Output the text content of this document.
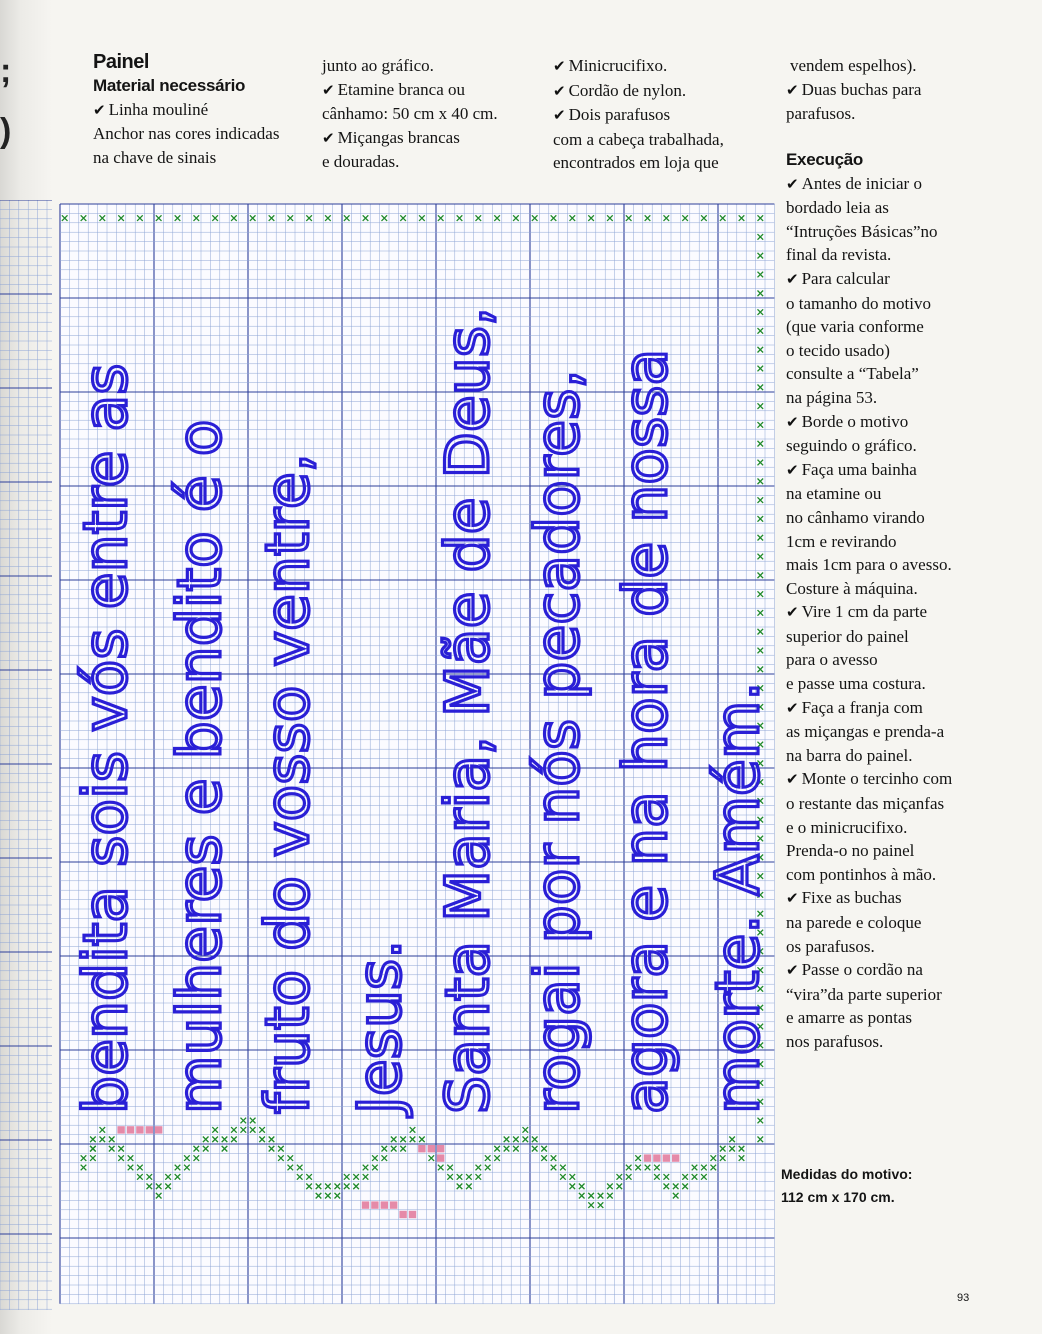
;
)
Painel
Material necessário
✔ Linha mouliné
Anchor nas cores indicadas
na chave de sinais
junto ao gráfico.
✔ Etamine branca ou
cânhamo: 50 cm x 40 cm.
✔ Miçangas brancas
e douradas.
✔ Minicrucifixo.
✔ Cordão de nylon.
✔ Dois parafusos
com a cabeça trabalhada,
encontrados em loja que
vendem espelhos).
✔ Duas buchas para
parafusos.
Execução
✔ Antes de iniciar o
bordado leia as
“Intruções Básicas”no
final da revista.
✔ Para calcular
o tamanho do motivo
(que varia conforme
o tecido usado)
consulte a “Tabela”
na página 53.
✔ Borde o motivo
seguindo o gráfico.
✔ Faça uma bainha
na etamine ou
no cânhamo virando
1cm e revirando
mais 1cm para o avesso.
Costure à máquina.
✔ Vire 1 cm da parte
superior do painel
para o avesso
e passe uma costura.
✔ Faça a franja com
as miçangas e prenda-a
na barra do painel.
✔ Monte o tercinho com
o restante das miçanfas
e o minicrucifixo.
Prenda-o no painel
com pontinhos à mão.
✔ Fixe as buchas
na parede e coloque
os parafusos.
✔ Passe o cordão na
“vira”da parte superior
e amarre as pontas
nos parafusos.
bendita sois vós entre as mulheres e bendito é o fruto do vosso ventre, Jesus. Santa Maria, Mãe de Deus, rogai por nós pecadores, agora e na hora de nossa morte. Amém.
Medidas do motivo:
112 cm x 170 cm.
93
